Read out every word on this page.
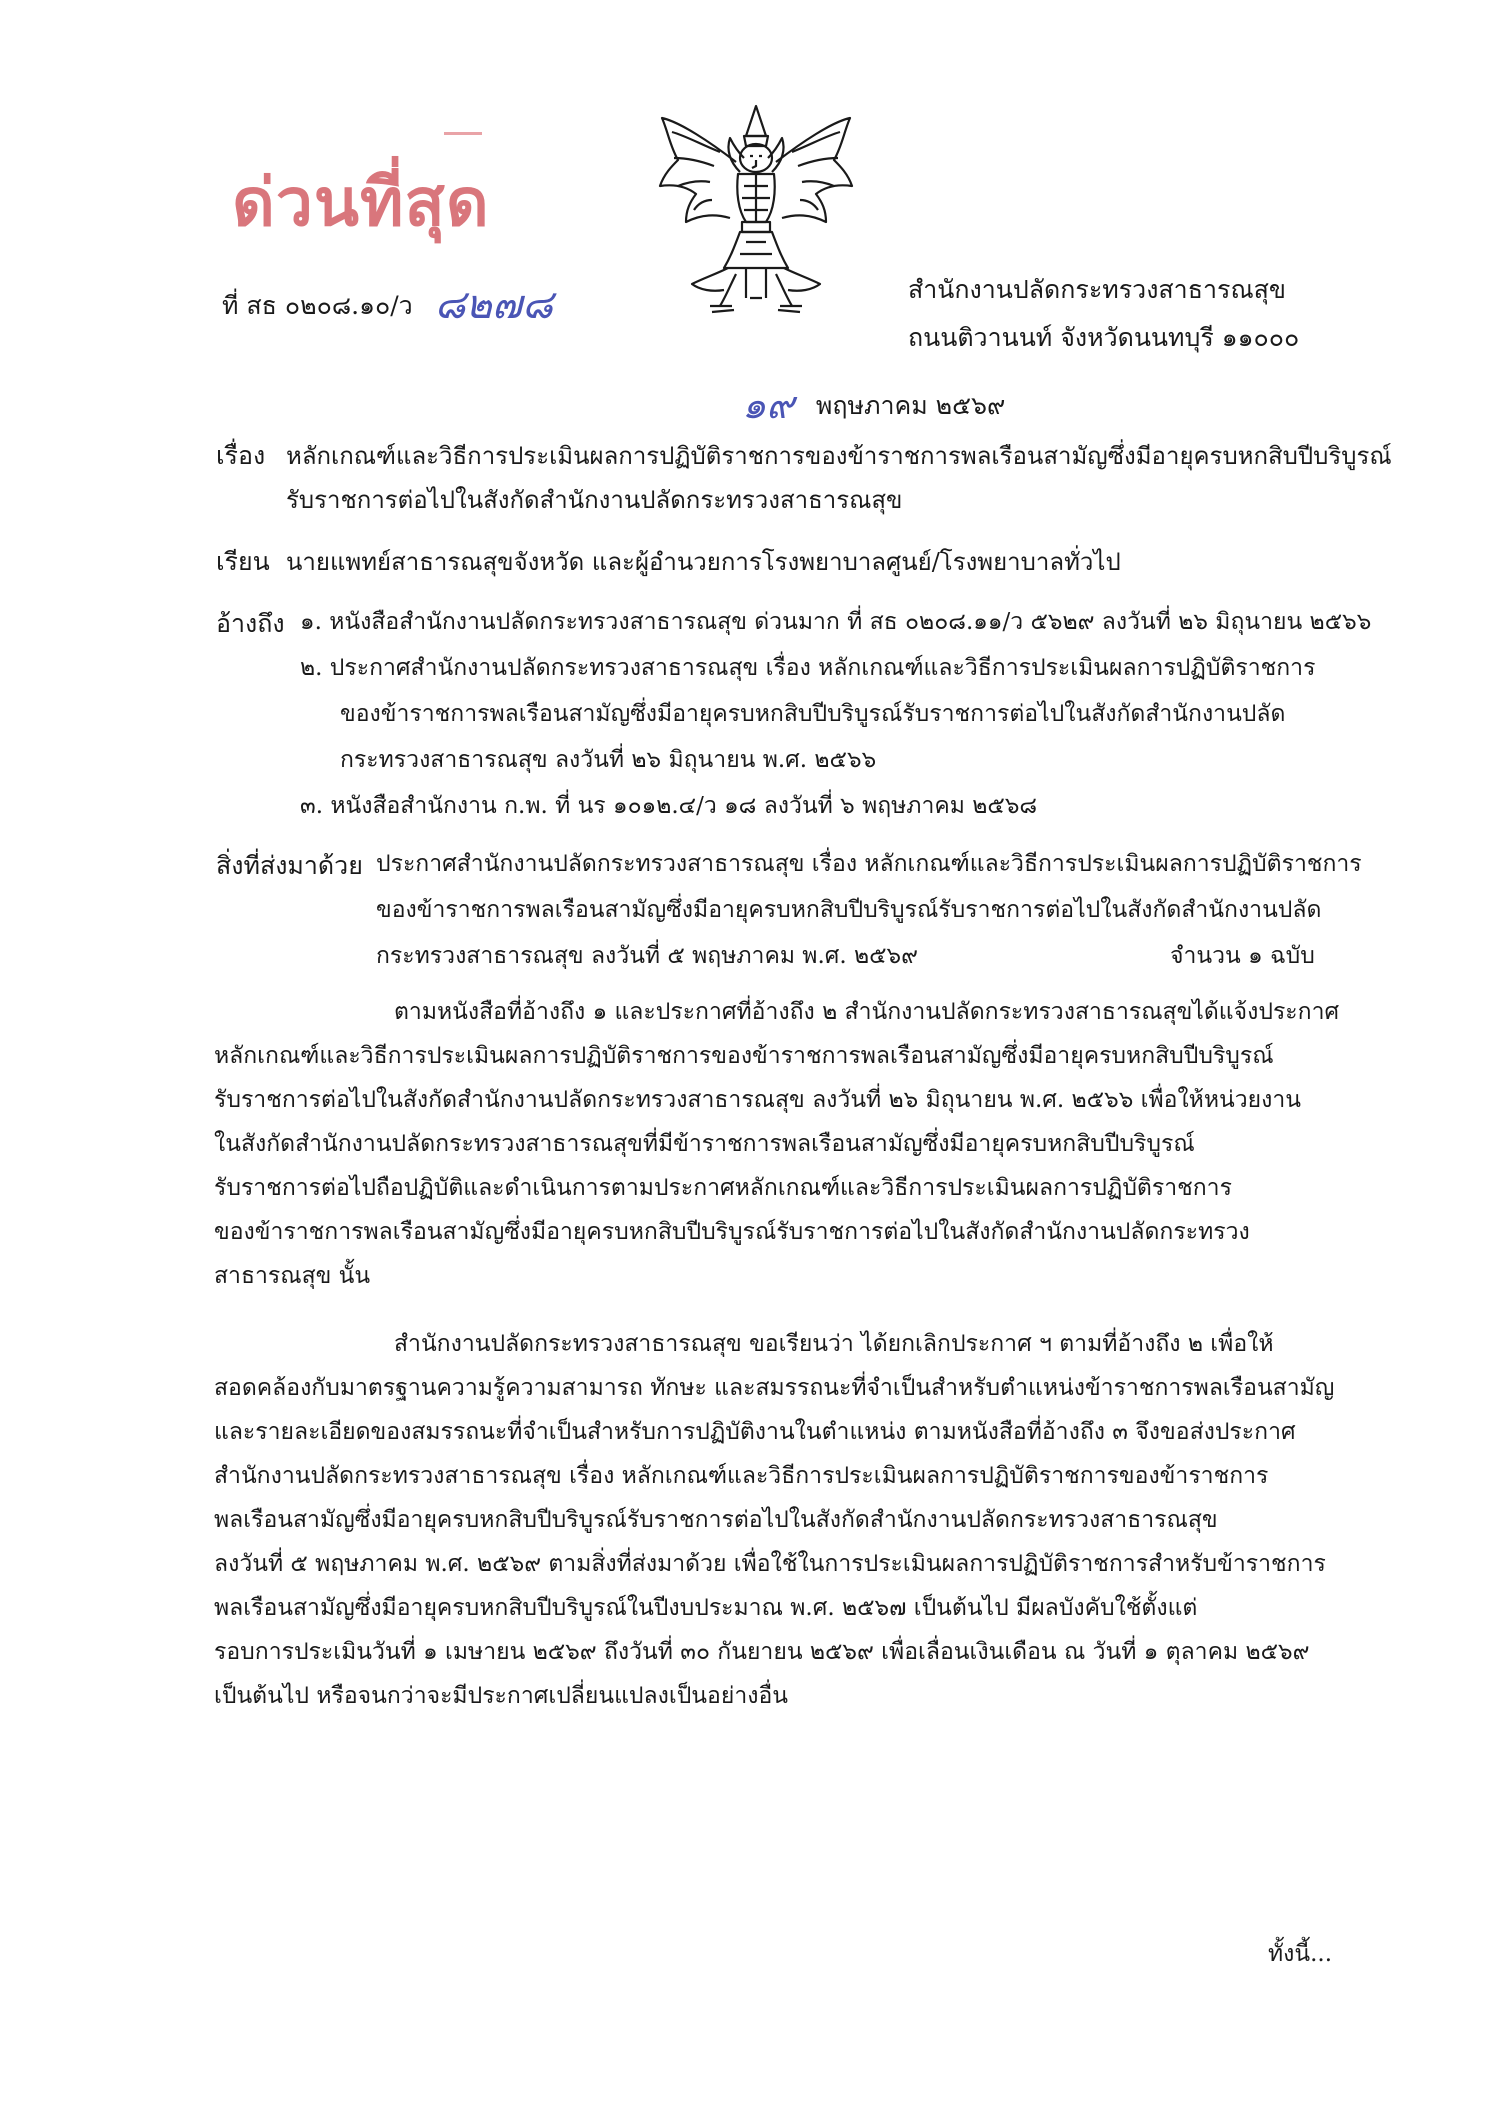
ด่วนที่สุด
ที่ สธ ๐๒๐๘.๑๐/ว ๘๒๗๘	สำนักงานปลัดกระทรวงสาธารณสุข
ถนนติวานนท์ จังหวัดนนทบุรี ๑๑๐๐๐
๑๙ พฤษภาคม ๒๕๖๙
เรื่อง หลักเกณฑ์และวิธีการประเมินผลการปฏิบัติราชการของข้าราชการพลเรือนสามัญซึ่งมีอายุครบหกสิบปีบริบูรณ์
รับราชการต่อไปในสังกัดสำนักงานปลัดกระทรวงสาธารณสุข
เรียน นายแพทย์สาธารณสุขจังหวัด และผู้อำนวยการโรงพยาบาลศูนย์/โรงพยาบาลทั่วไป
อ้างถึง ๑. หนังสือสำนักงานปลัดกระทรวงสาธารณสุข ด่วนมาก ที่ สธ ๐๒๐๘.๑๑/ว ๕๖๒๙ ลงวันที่ ๒๖ มิถุนายน ๒๕๖๖
๒. ประกาศสำนักงานปลัดกระทรวงสาธารณสุข เรื่อง หลักเกณฑ์และวิธีการประเมินผลการปฏิบัติราชการ
ของข้าราชการพลเรือนสามัญซึ่งมีอายุครบหกสิบปีบริบูรณ์รับราชการต่อไปในสังกัดสำนักงานปลัด
กระทรวงสาธารณสุข ลงวันที่ ๒๖ มิถุนายน พ.ศ. ๒๕๖๖
๓. หนังสือสำนักงาน ก.พ. ที่ นร ๑๐๑๒.๔/ว ๑๘ ลงวันที่ ๖ พฤษภาคม ๒๕๖๘
สิ่งที่ส่งมาด้วย ประกาศสำนักงานปลัดกระทรวงสาธารณสุข เรื่อง หลักเกณฑ์และวิธีการประเมินผลการปฏิบัติราชการ
ของข้าราชการพลเรือนสามัญซึ่งมีอายุครบหกสิบปีบริบูรณ์รับราชการต่อไปในสังกัดสำนักงานปลัด
กระทรวงสาธารณสุข ลงวันที่ ๕ พฤษภาคม พ.ศ. ๒๕๖๙	จำนวน ๑ ฉบับ
ตามหนังสือที่อ้างถึง ๑ และประกาศที่อ้างถึง ๒ สำนักงานปลัดกระทรวงสาธารณสุขได้แจ้งประกาศ
หลักเกณฑ์และวิธีการประเมินผลการปฏิบัติราชการของข้าราชการพลเรือนสามัญซึ่งมีอายุครบหกสิบปีบริบูรณ์
รับราชการต่อไปในสังกัดสำนักงานปลัดกระทรวงสาธารณสุข ลงวันที่ ๒๖ มิถุนายน พ.ศ. ๒๕๖๖ เพื่อให้หน่วยงาน
ในสังกัดสำนักงานปลัดกระทรวงสาธารณสุขที่มีข้าราชการพลเรือนสามัญซึ่งมีอายุครบหกสิบปีบริบูรณ์
รับราชการต่อไปถือปฏิบัติและดำเนินการตามประกาศหลักเกณฑ์และวิธีการประเมินผลการปฏิบัติราชการ
ของข้าราชการพลเรือนสามัญซึ่งมีอายุครบหกสิบปีบริบูรณ์รับราชการต่อไปในสังกัดสำนักงานปลัดกระทรวง
สาธารณสุข นั้น
สำนักงานปลัดกระทรวงสาธารณสุข ขอเรียนว่า ได้ยกเลิกประกาศ ฯ ตามที่อ้างถึง ๒ เพื่อให้
สอดคล้องกับมาตรฐานความรู้ความสามารถ ทักษะ และสมรรถนะที่จำเป็นสำหรับตำแหน่งข้าราชการพลเรือนสามัญ
และรายละเอียดของสมรรถนะที่จำเป็นสำหรับการปฏิบัติงานในตำแหน่ง ตามหนังสือที่อ้างถึง ๓ จึงขอส่งประกาศ
สำนักงานปลัดกระทรวงสาธารณสุข เรื่อง หลักเกณฑ์และวิธีการประเมินผลการปฏิบัติราชการของข้าราชการ
พลเรือนสามัญซึ่งมีอายุครบหกสิบปีบริบูรณ์รับราชการต่อไปในสังกัดสำนักงานปลัดกระทรวงสาธารณสุข
ลงวันที่ ๕ พฤษภาคม พ.ศ. ๒๕๖๙ ตามสิ่งที่ส่งมาด้วย เพื่อใช้ในการประเมินผลการปฏิบัติราชการสำหรับข้าราชการ
พลเรือนสามัญซึ่งมีอายุครบหกสิบปีบริบูรณ์ในปีงบประมาณ พ.ศ. ๒๕๖๗ เป็นต้นไป มีผลบังคับใช้ตั้งแต่
รอบการประเมินวันที่ ๑ เมษายน ๒๕๖๙ ถึงวันที่ ๓๐ กันยายน ๒๕๖๙ เพื่อเลื่อนเงินเดือน ณ วันที่ ๑ ตุลาคม ๒๕๖๙
เป็นต้นไป หรือจนกว่าจะมีประกาศเปลี่ยนแปลงเป็นอย่างอื่น
ทั้งนี้...
